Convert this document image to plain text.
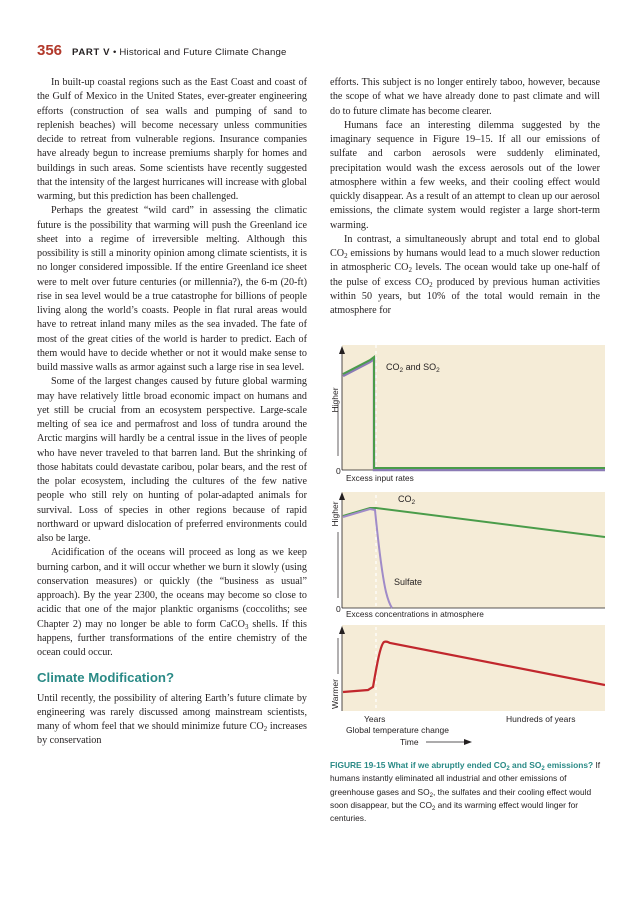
356 PART V • Historical and Future Climate Change

In built-up coastal regions such as the East Coast and coast of the Gulf of Mexico in the United States, ever-greater engineering efforts (construction of sea walls and pumping of sand to replenish beaches) will become necessary unless communities decide to retreat from vulnerable regions. Insurance companies have already begun to increase premiums sharply for homes and buildings in such areas. Some scientists have recently suggested that the intensity of the largest hurricanes will increase with global warming, but this prediction has been challenged.

Perhaps the greatest “wild card” in assessing the climatic future is the possibility that warming will push the Greenland ice sheet into a regime of irreversible melting. Although this possibility is still a minority opinion among climate scientists, it is no longer considered impossible. If the entire Greenland ice sheet were to melt over future centuries (or millennia?), the 6-m (20-ft) rise in sea level would be a true catastrophe for billions of people living along the world’s coasts. People in flat rural areas would have to retreat inland many miles as the sea invaded. The fate of most of the great cities of the world is harder to predict. Each of them would have to decide whether or not it would make sense to build massive walls as armor against such a large rise in sea level.

Some of the largest changes caused by future global warming may have relatively little broad economic impact on humans and yet still be crucial from an ecosystem perspective. Large-scale melting of sea ice and permafrost and loss of tundra around the Arctic margins will hardly be a central issue in the lives of people who have never traveled to that barren land. But the shrinking of those habitats could devastate caribou, polar bears, and the rest of the polar ecosystem, including the cultures of the few native people who still rely on hunting of polar-adapted animals for survival. Loss of species in other regions because of rapid northward or upward dislocation of preferred environments could also be large.

Acidification of the oceans will proceed as long as we keep burning carbon, and it will occur whether we burn it slowly (using conservation measures) or quickly (the “business as usual” approach). By the year 2300, the oceans may become so close to acidic that one of the major planktic organisms (coccoliths; see Chapter 2) may no longer be able to form CaCO$_3$ shells. If this happens, further transformations of the entire chemistry of the ocean could occur.

Climate Modification?

Until recently, the possibility of altering Earth’s future climate by engineering was rarely discussed among mainstream scientists, many of whom feel that we should minimize future $CO_2$ increases by conservation

efforts. This subject is no longer entirely taboo, however, because the scope of what we have already done to past climate and will do to future climate has become clearer.

Humans face an interesting dilemma suggested by the imaginary sequence in Figure 19–15. If all our emissions of sulfate and carbon aerosols were suddenly eliminated, precipitation would wash the excess aerosols out of the lower atmosphere within a few weeks, and their cooling effect would quickly disappear. As a result of an attempt to clean up our aerosol emissions, the climate system would register a large short-term warming.

In contrast, a simultaneously abrupt and total end to global $CO_2$ emissions by humans would lead to a much slower reduction in atmospheric $CO_2$ levels. The ocean would take up one-half of the pulse of excess $CO_2$ produced by previous human activities within 50 years, but 10% of the total would remain in the atmosphere for

Higher
0
Excess input rates
$CO_2$ and $SO_2$
Higher
0 Excess concentrations in atmosphere
$CO_2$
Sulfate
Warmer
Years	Hundreds of years
Global temperature change
Time
FIGURE 19-15 What if we abruptly ended $CO_2$ and $SO_2$ emissions? If humans instantly eliminated all industrial and other emissions of greenhouse gases and $SO_2$, the sulfates and their cooling effect would soon disappear, but the $CO_2$ and its warming effect would linger for centuries.
